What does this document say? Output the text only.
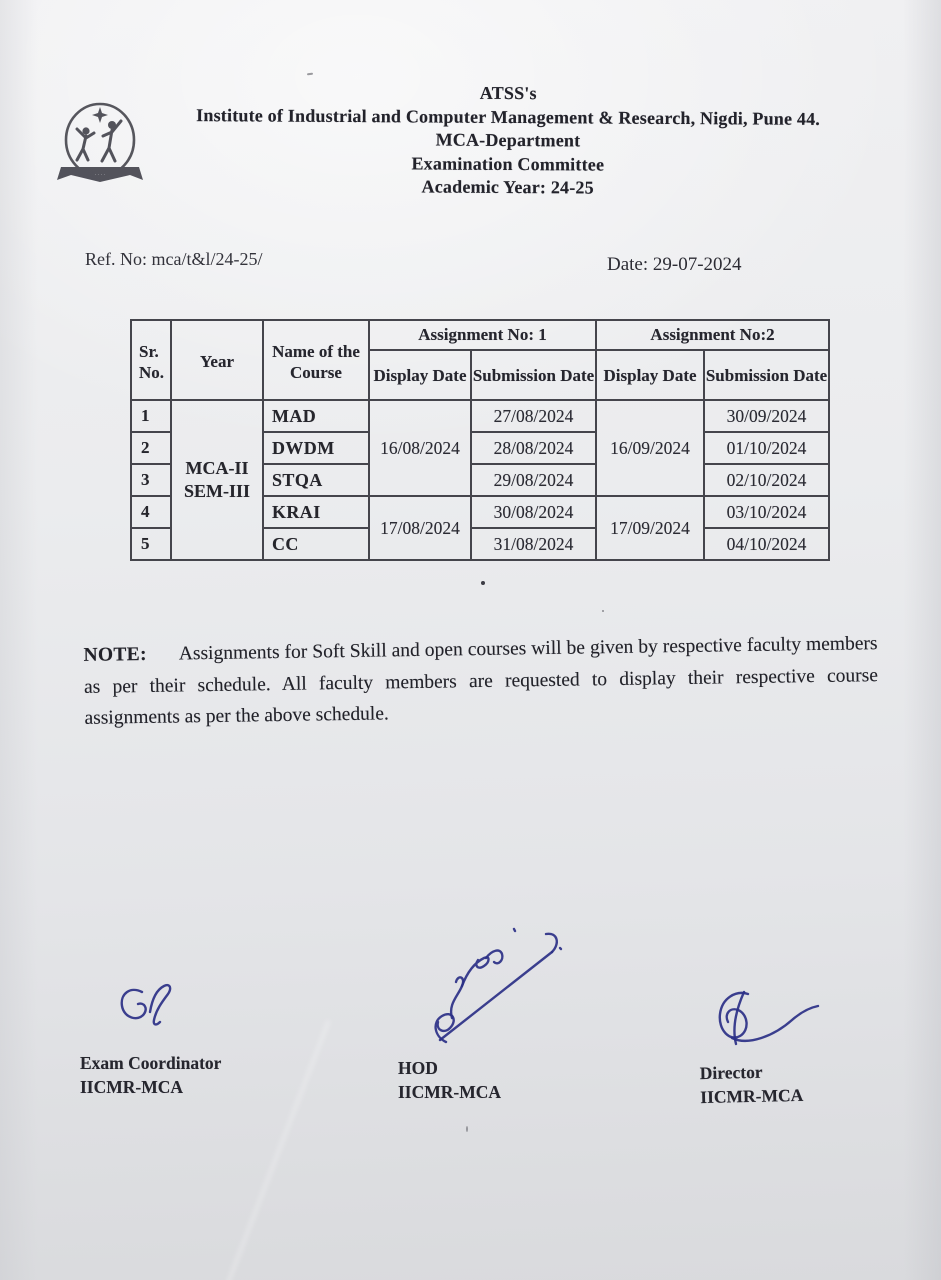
· · · ·
ATSS's
Institute of Industrial and Computer Management & Research, Nigdi, Pune 44.
MCA-Department
Examination Committee
Academic Year: 24-25
Ref. No: mca/t&l/24-25/	Date: 29-07-2024
Sr. No.	Year	Name of the Course	Assignment No: 1		Assignment No:2	
			Display Date	Submission Date	Display Date	Submission Date
1	MCA-II SEM-III	MAD	16/08/2024	27/08/2024	16/09/2024	30/09/2024
2		DWDM		28/08/2024		01/10/2024
3		STQA		29/08/2024		02/10/2024
4		KRAI	17/08/2024	30/08/2024	17/09/2024	03/10/2024
5		CC		31/08/2024		04/10/2024

NOTE: Assignments for Soft Skill and open courses will be given by respective faculty members as per their schedule. All faculty members are requested to display their respective course assignments as per the above schedule.

Exam Coordinator
IICMR-MCA
HOD
IICMR-MCA
Director
IICMR-MCA
